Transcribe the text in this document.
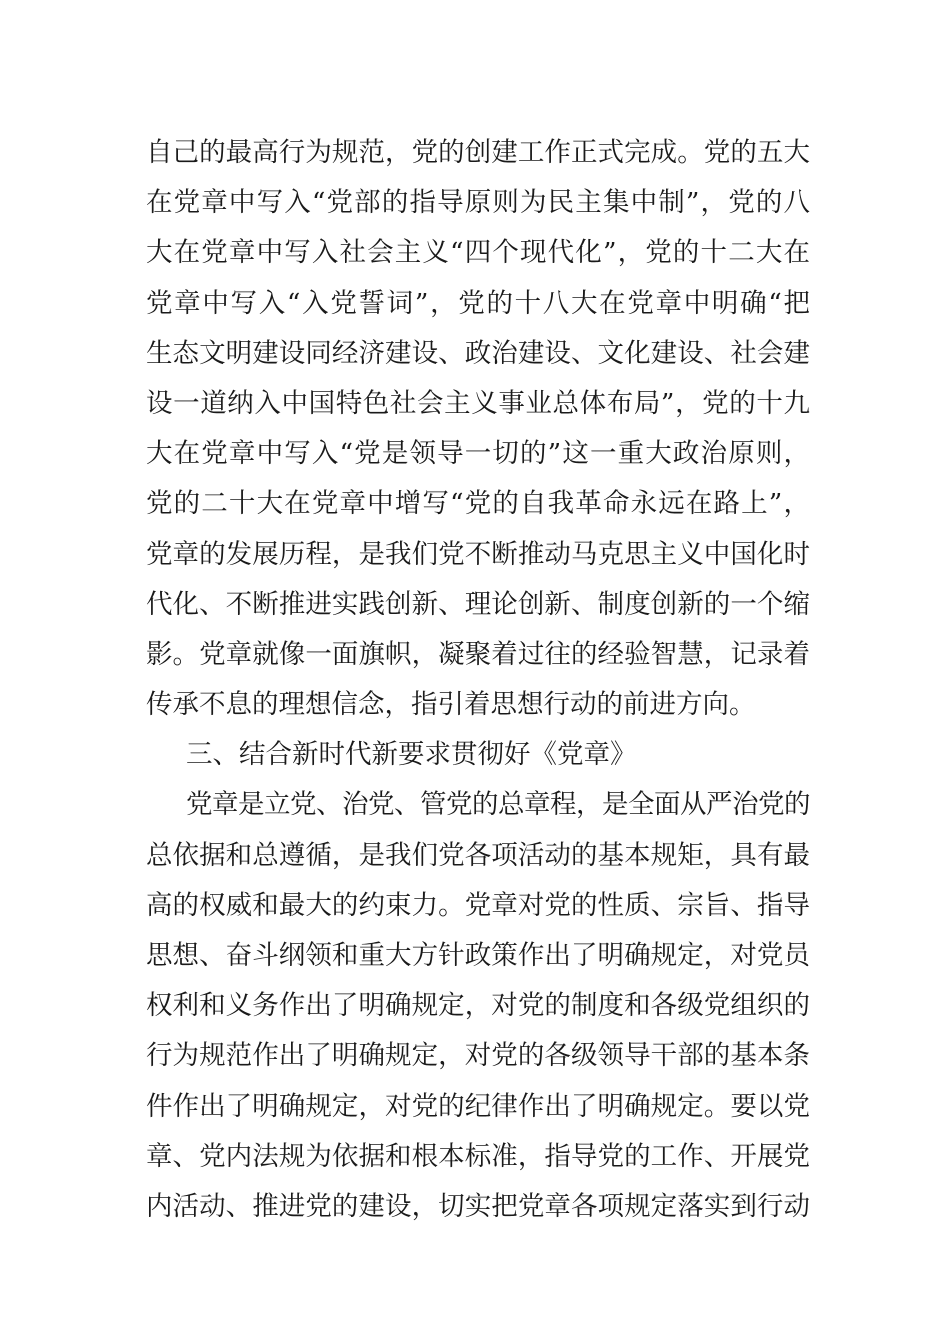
自己的最高行为规范，党的创建工作正式完成。党的五大
在党章中写入“党部的指导原则为民主集中制”，党的八
大在党章中写入社会主义“四个现代化”，党的十二大在
党章中写入“入党誓词”，党的十八大在党章中明确“把
生态文明建设同经济建设、政治建设、文化建设、社会建
设一道纳入中国特色社会主义事业总体布局”，党的十九
大在党章中写入“党是领导一切的”这一重大政治原则，
党的二十大在党章中增写“党的自我革命永远在路上”，
党章的发展历程，是我们党不断推动马克思主义中国化时
代化、不断推进实践创新、理论创新、制度创新的一个缩
影。党章就像一面旗帜，凝聚着过往的经验智慧，记录着
传承不息的理想信念，指引着思想行动的前进方向。
三、结合新时代新要求贯彻好《党章》
党章是立党、治党、管党的总章程，是全面从严治党的
总依据和总遵循，是我们党各项活动的基本规矩，具有最
高的权威和最大的约束力。党章对党的性质、宗旨、指导
思想、奋斗纲领和重大方针政策作出了明确规定，对党员
权利和义务作出了明确规定，对党的制度和各级党组织的
行为规范作出了明确规定，对党的各级领导干部的基本条
件作出了明确规定，对党的纪律作出了明确规定。要以党
章、党内法规为依据和根本标准，指导党的工作、开展党
内活动、推进党的建设，切实把党章各项规定落实到行动
